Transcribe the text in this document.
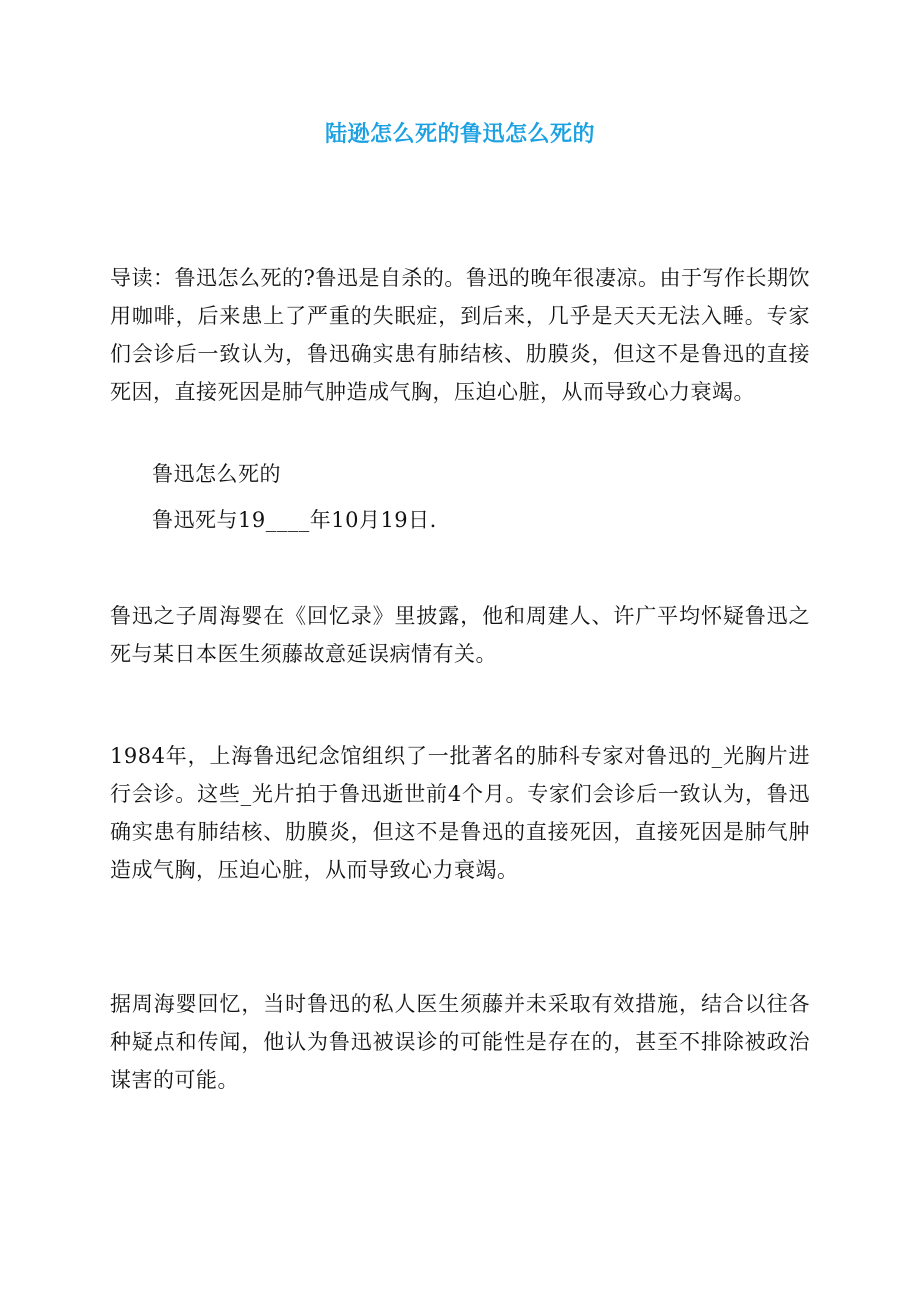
陆逊怎么死的鲁迅怎么死的

导读：鲁迅怎么死的?鲁迅是自杀的。鲁迅的晚年很凄凉。由于写作长期饮用咖啡，后来患上了严重的失眠症，到后来，几乎是天天无法入睡。专家们会诊后一致认为，鲁迅确实患有肺结核、肋膜炎，但这不是鲁迅的直接死因，直接死因是肺气肿造成气胸，压迫心脏，从而导致心力衰竭。

鲁迅怎么死的

鲁迅死与19____年10月19日.

鲁迅之子周海婴在《回忆录》里披露，他和周建人、许广平均怀疑鲁迅之死与某日本医生须藤故意延误病情有关。

1984年，上海鲁迅纪念馆组织了一批著名的肺科专家对鲁迅的_光胸片进行会诊。这些_光片拍于鲁迅逝世前4个月。专家们会诊后一致认为，鲁迅确实患有肺结核、肋膜炎，但这不是鲁迅的直接死因，直接死因是肺气肿造成气胸，压迫心脏，从而导致心力衰竭。

据周海婴回忆，当时鲁迅的私人医生须藤并未采取有效措施，结合以往各种疑点和传闻，他认为鲁迅被误诊的可能性是存在的，甚至不排除被政治谋害的可能。
